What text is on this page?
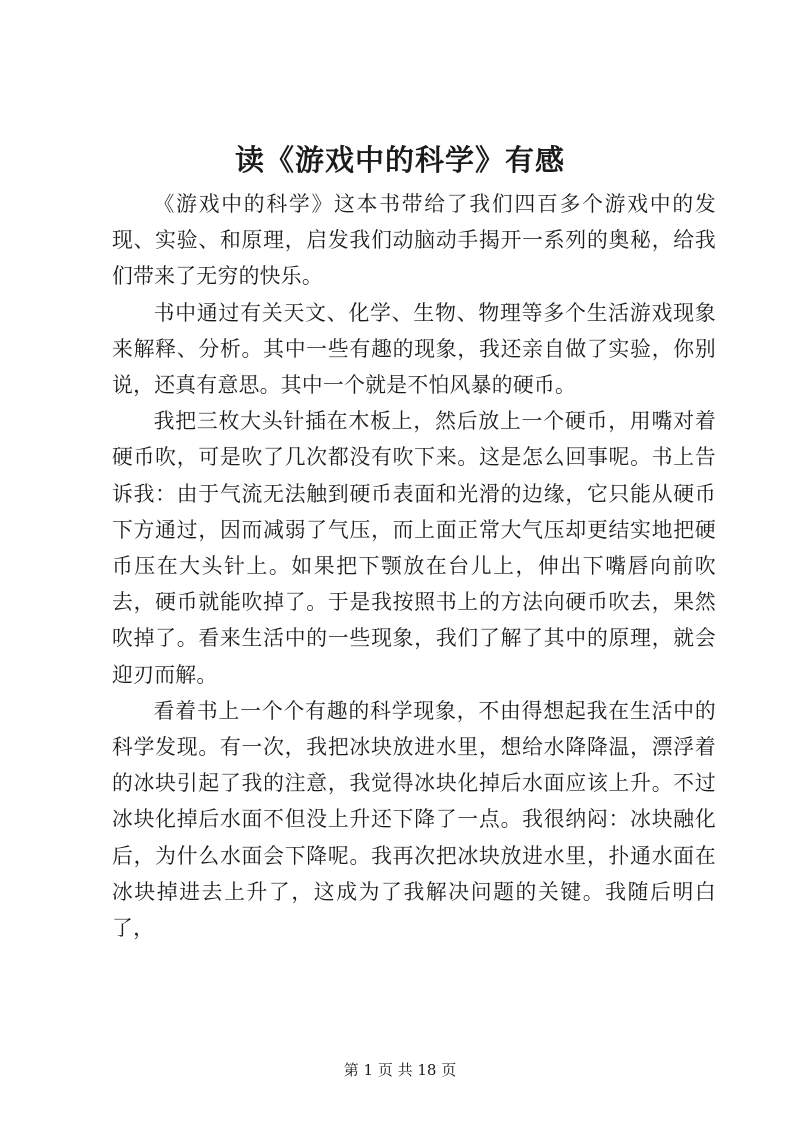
读《游戏中的科学》有感

《游戏中的科学》这本书带给了我们四百多个游戏中的发现、实验、和原理，启发我们动脑动手揭开一系列的奥秘，给我们带来了无穷的快乐。

书中通过有关天文、化学、生物、物理等多个生活游戏现象来解释、分析。其中一些有趣的现象，我还亲自做了实验，你别说，还真有意思。其中一个就是不怕风暴的硬币。

我把三枚大头针插在木板上，然后放上一个硬币，用嘴对着硬币吹，可是吹了几次都没有吹下来。这是怎么回事呢。书上告诉我：由于气流无法触到硬币表面和光滑的边缘，它只能从硬币下方通过，因而减弱了气压，而上面正常大气压却更结实地把硬币压在大头针上。如果把下颚放在台儿上，伸出下嘴唇向前吹去，硬币就能吹掉了。于是我按照书上的方法向硬币吹去，果然吹掉了。看来生活中的一些现象，我们了解了其中的原理，就会迎刃而解。

看着书上一个个有趣的科学现象，不由得想起我在生活中的科学发现。有一次，我把冰块放进水里，想给水降降温，漂浮着的冰块引起了我的注意，我觉得冰块化掉后水面应该上升。不过冰块化掉后水面不但没上升还下降了一点。我很纳闷：冰块融化后，为什么水面会下降呢。我再次把冰块放进水里，扑通水面在冰块掉进去上升了，这成为了我解决问题的关键。我随后明白了，

第 1 页 共 18 页
